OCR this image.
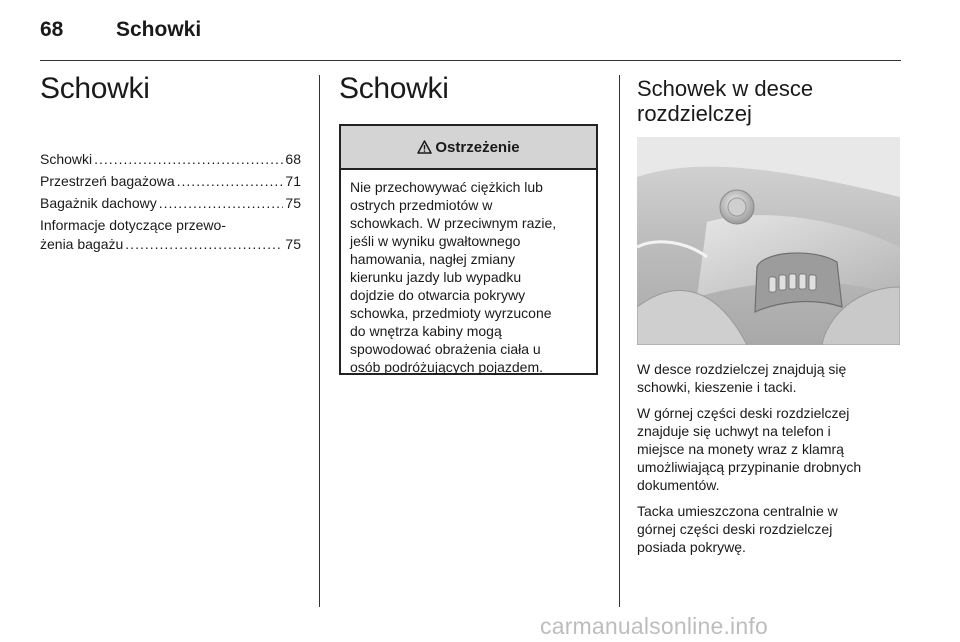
68	Schowki
Schowki
Schowki .....	68
Przestrzeń bagażowa .....	71
Bagażnik dachowy .....	75
Informacje dotyczące przewo-
żenia bagażu .....	75
Schowki
Ostrzeżenie
Nie przechowywać ciężkich lub
ostrych przedmiotów w
schowkach. W przeciwnym razie,
jeśli w wyniku gwałtownego
hamowania, nagłej zmiany
kierunku jazdy lub wypadku
dojdzie do otwarcia pokrywy
schowka, przedmioty wyrzucone
do wnętrza kabiny mogą
spowodować obrażenia ciała u
osób podróżujących pojazdem.
Schowek w desce
rozdzielczej

W desce rozdzielczej znajdują się
schowki, kieszenie i tacki.

W górnej części deski rozdzielczej
znajduje się uchwyt na telefon i
miejsce na monety wraz z klamrą
umożliwiającą przypinanie drobnych
dokumentów.

Tacka umieszczona centralnie w
górnej części deski rozdzielczej
posiada pokrywę.

carmanualsonline.info
